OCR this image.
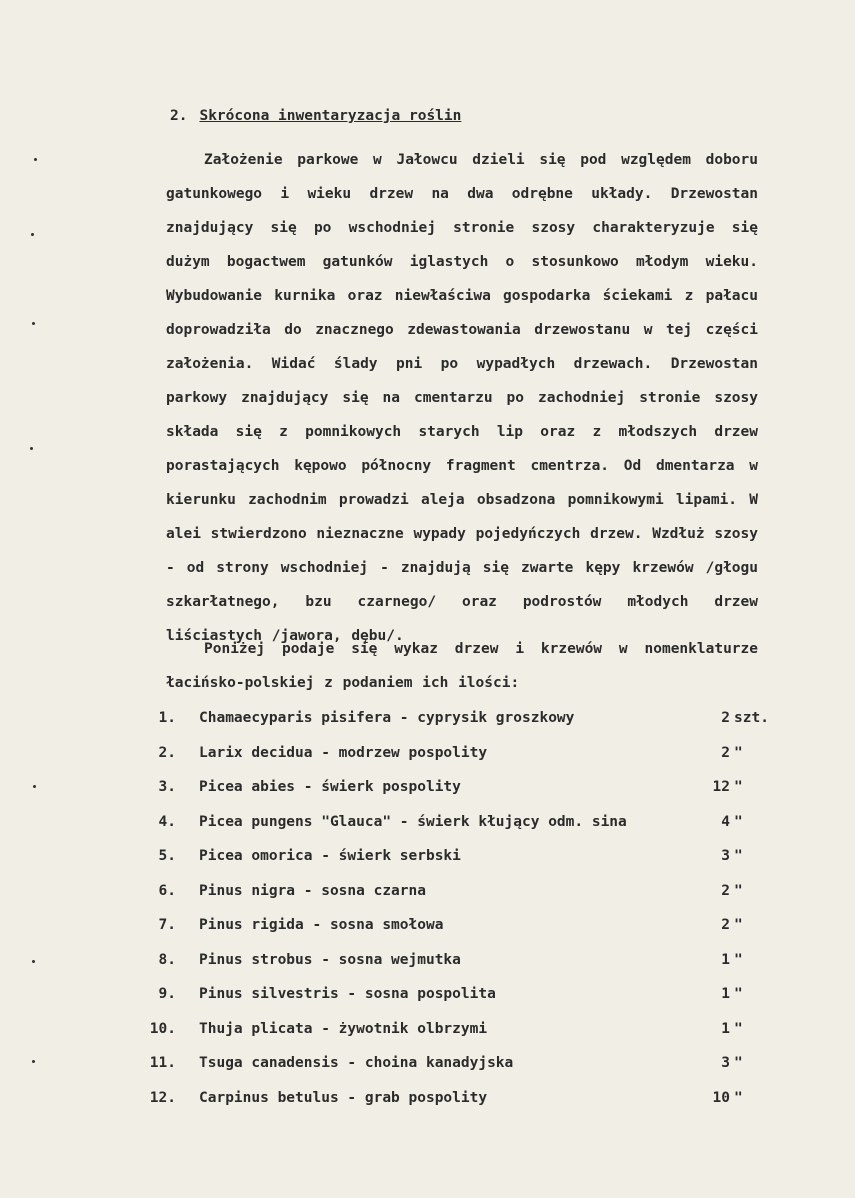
2. Skrócona inwentaryzacja roślin
Założenie parkowe w Jałowcu dzieli się pod względem doboru gatunkowego i wieku drzew na dwa odrębne układy. Drzewostan znajdujący się po wschodniej stronie szosy charakteryzuje się dużym bogactwem gatunków iglastych o stosunkowo młodym wieku. Wybudowanie kurnika oraz niewłaściwa gospodarka ściekami z pałacu doprowadziła do znacznego zdewastowania drzewostanu w tej części założenia. Widać ślady pni po wypadłych drzewach. Drzewostan parkowy znajdujący się na cmentarzu po zachodniej stronie szosy składa się z pomnikowych starych lip oraz z młodszych drzew porastających kępowo północny fragment cmentrza. Od dmentarza w kierunku zachodnim prowadzi aleja obsadzona pomnikowymi lipami. W alei stwierdzono nieznaczne wypady pojedyńczych drzew. Wzdłuż szosy - od strony wschodniej - znajdują się zwarte kępy krzewów /głogu szkarłatnego, bzu czarnego/ oraz podrostów młodych drzew liściastych /jawora, dębu/.
Poniżej podaje się wykaz drzew i krzewów w nomenklaturze łacińsko-polskiej z podaniem ich ilości:
1. Chamaecyparis pisifera - cyprysik groszkowy	2 szt.
2. Larix decidua - modrzew pospolity	2 "
3. Picea abies - świerk pospolity	12 "
4. Picea pungens "Glauca" - świerk kłujący odm. sina	4 "
5. Picea omorica - świerk serbski	3 "
6. Pinus nigra - sosna czarna	2 "
7. Pinus rigida - sosna smołowa	2 "
8. Pinus strobus - sosna wejmutka	1 "
9. Pinus silvestris - sosna pospolita	1 "
10. Thuja plicata - żywotnik olbrzymi	1 "
11. Tsuga canadensis - choina kanadyjska	3 "
12. Carpinus betulus - grab pospolity	10 "
